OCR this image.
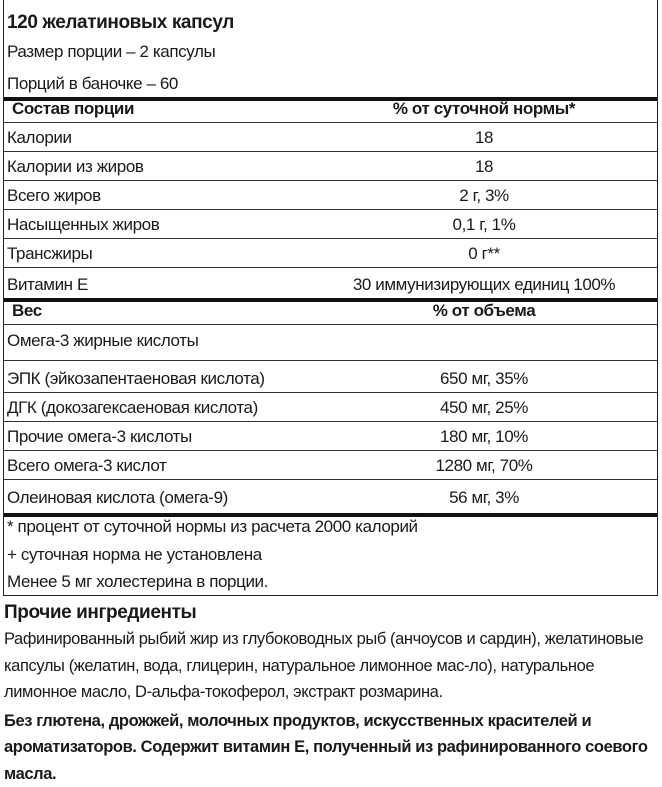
120 желатиновых капсул
Размер порции – 2 капсулы
Порций в баночке – 60
Состав порции	% от суточной нормы*
Калории	18
Калории из жиров	18
Всего жиров	2 г, 3%
Насыщенных жиров	0,1 г, 1%
Трансжиры	0 г**
Витамин Е	30 иммунизирующих единиц 100%
Вес	% от объема
Омега-3 жирные кислоты
ЭПК (эйкозапентаеновая кислота)	650 мг, 35%
ДГК (докозагексаеновая кислота)	450 мг, 25%
Прочие омега-3 кислоты	180 мг, 10%
Всего омега-3 кислот	1280 мг, 70%
Олеиновая кислота (омега-9)	56 мг, 3%
* процент от суточной нормы из расчета 2000 калорий
+ суточная норма не установлена
Менее 5 мг холестерина в порции.
Прочие ингредиенты

Рафинированный рыбий жир из глубоководных рыб (анчоусов и сардин), желатиновые капсулы (желатин, вода, глицерин, натуральное лимонное мас-ло), натуральное лимонное масло, D-альфа-токоферол, экстракт розмарина.

Без глютена, дрожжей, молочных продуктов, искусственных красителей и ароматизаторов. Содержит витамин Е, полученный из рафинированного соевого масла.
